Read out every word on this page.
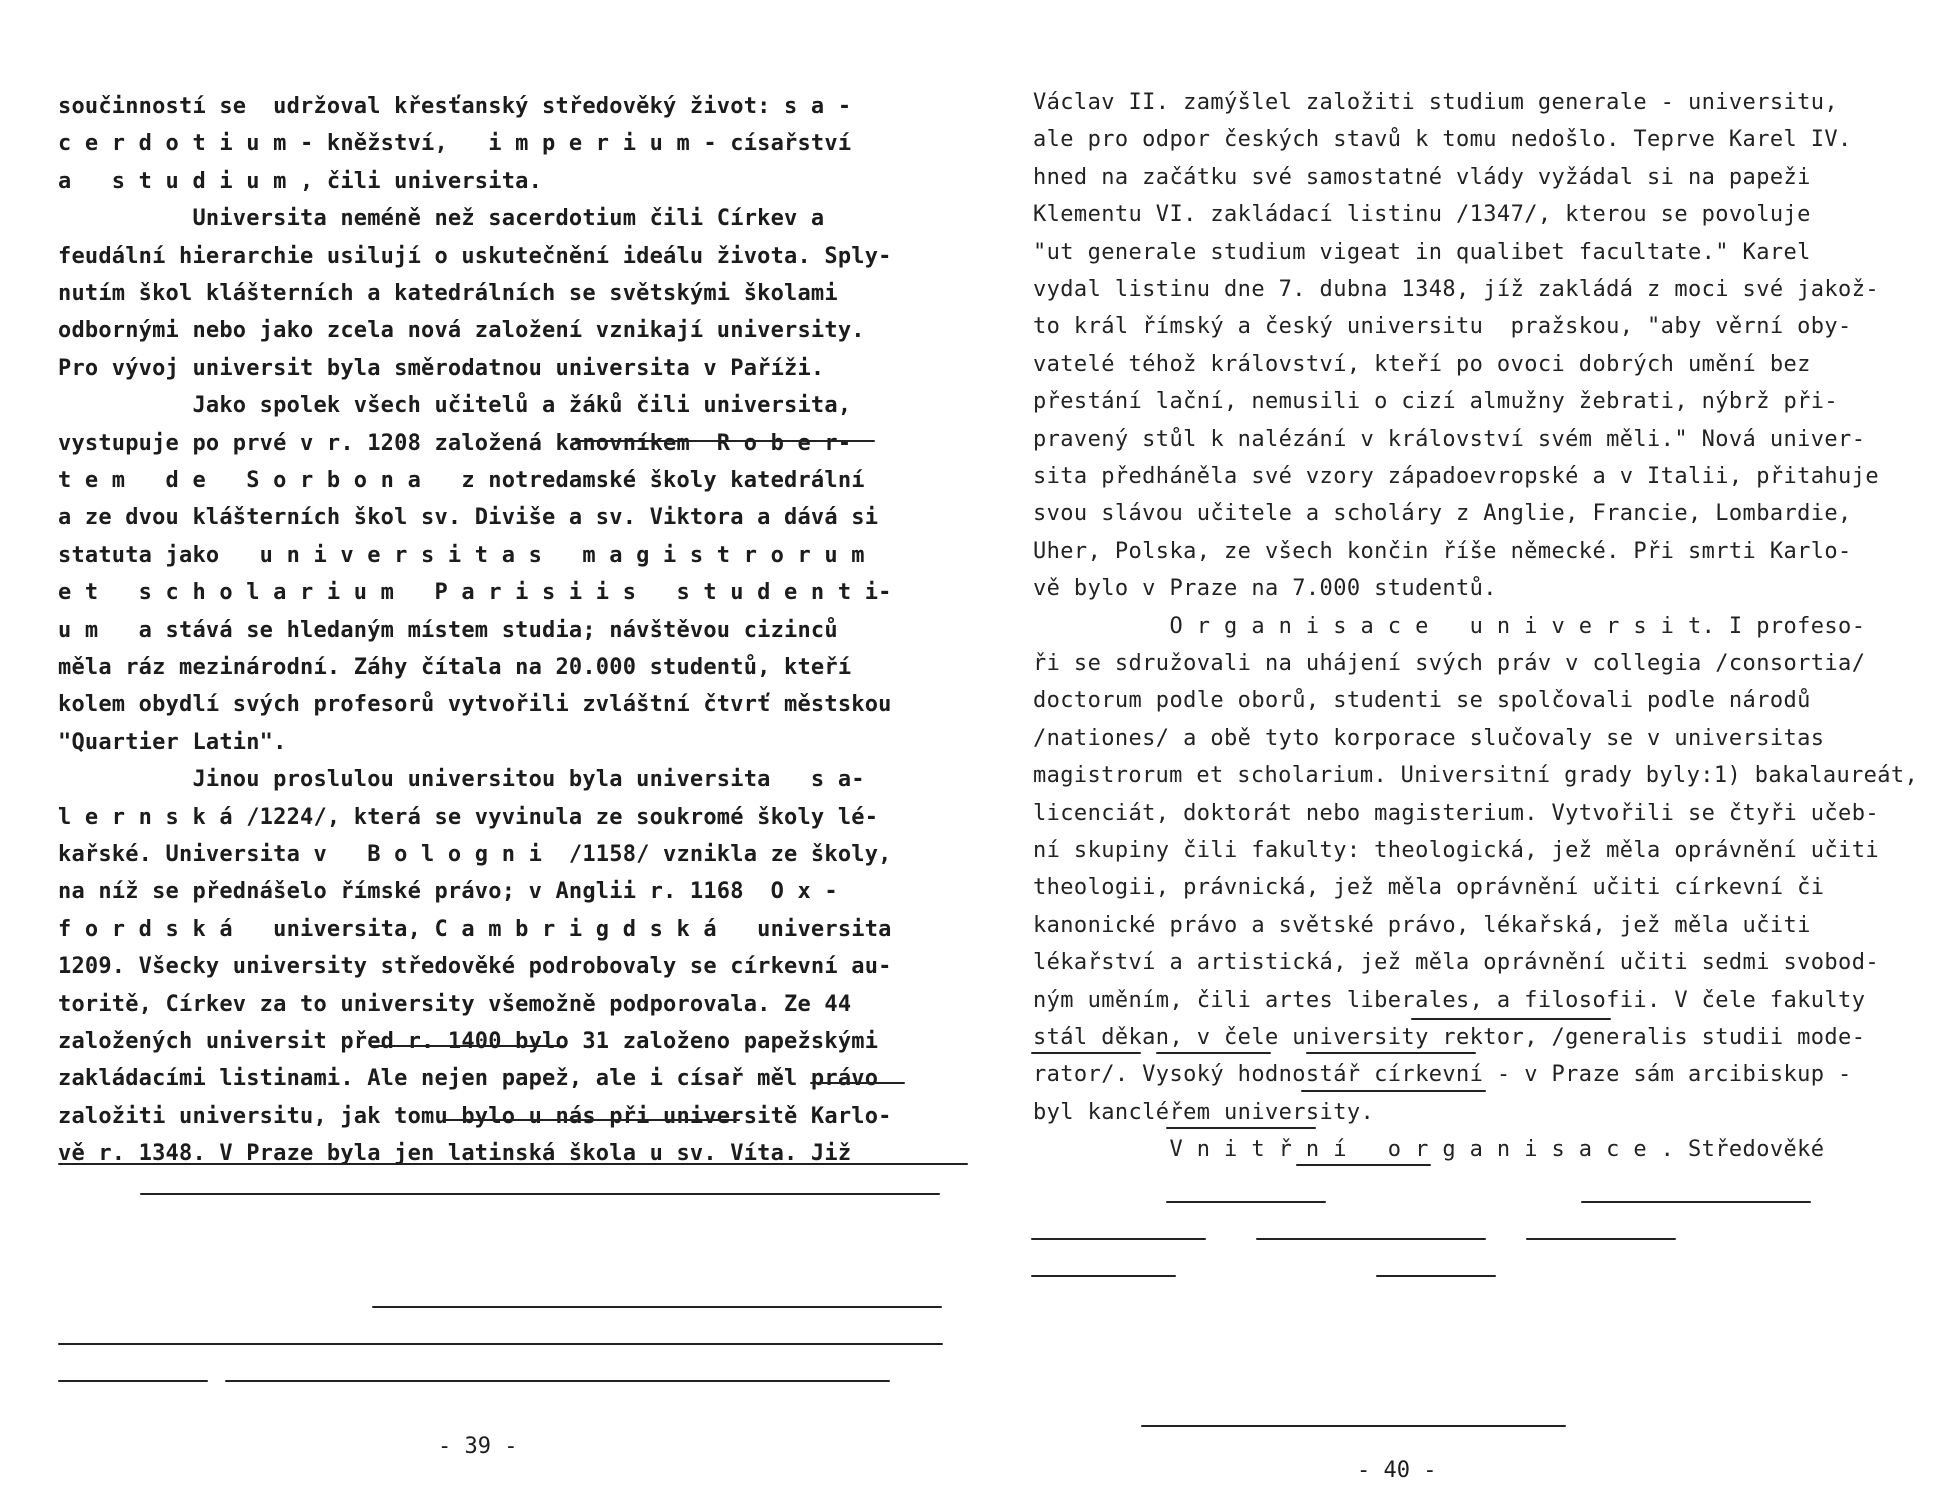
součinností se  udržoval křesťanský středověký život: s a -
c e r d o t i u m - kněžství,   i m p e r i u m - císařství
a   s t u d i u m , čili universita.
Universita neméně než sacerdotium čili Církev a
feudální hierarchie usilují o uskutečnění ideálu života. Sply-
nutím škol klášterních a katedrálních se světskými školami
odbornými nebo jako zcela nová založení vznikají university.
Pro vývoj universit byla směrodatnou universita v Paříži.
Jako spolek všech učitelů a žáků čili universita,
vystupuje po prvé v r. 1208 založená kanovníkem  R o b e r-
t e m   d e   S o r b o n a   z notredamské školy katedrální
a ze dvou klášterních škol sv. Diviše a sv. Viktora a dává si
statuta jako   u n i v e r s i t a s   m a g i s t r o r u m
e t   s c h o l a r i u m   P a r i s i i s   s t u d e n t i-
u m   a stává se hledaným místem studia; návštěvou cizinců
měla ráz mezinárodní. Záhy čítala na 20.000 studentů, kteří
kolem obydlí svých profesorů vytvořili zvláštní čtvrť městskou
"Quartier Latin".
Jinou proslulou universitou byla universita   s a-
l e r n s k á /1224/, která se vyvinula ze soukromé školy lé-
kařské. Universita v   B o l o g n i  /1158/ vznikla ze školy,
na níž se přednášelo římské právo; v Anglii r. 1168  O x -
f o r d s k á   universita, C a m b r i g d s k á   universita
1209. Všecky university středověké podrobovaly se církevní au-
toritě, Církev za to university všemožně podporovala. Ze 44
založených universit před r. 1400 bylo 31 založeno papežskými
zakládacími listinami. Ale nejen papež, ale i císař měl právo
založiti universitu, jak tomu bylo u nás při universitě Karlo-
vě r. 1348. V Praze byla jen latinská škola u sv. Víta. Již
- 39 -
Václav II. zamýšlel založiti studium generale - universitu,
ale pro odpor českých stavů k tomu nedošlo. Teprve Karel IV.
hned na začátku své samostatné vlády vyžádal si na papeži
Klementu VI. zakládací listinu /1347/, kterou se povoluje
"ut generale studium vigeat in qualibet facultate." Karel
vydal listinu dne 7. dubna 1348, jíž zakládá z moci své jakož-
to král římský a český universitu  pražskou, "aby věrní oby-
vatelé téhož království, kteří po ovoci dobrých umění bez
přestání lační, nemusili o cizí almužny žebrati, nýbrž při-
pravený stůl k nalézání v království svém měli." Nová univer-
sita předháněla své vzory západoevropské a v Italii, přitahuje
svou slávou učitele a scholáry z Anglie, Francie, Lombardie,
Uher, Polska, ze všech končin říše německé. Při smrti Karlo-
vě bylo v Praze na 7.000 studentů.
O r g a n i s a c e   u n i v e r s i t. I profeso-
ři se sdružovali na uhájení svých práv v collegia /consortia/
doctorum podle oborů, studenti se spolčovali podle národů
/nationes/ a obě tyto korporace slučovaly se v universitas
magistrorum et scholarium. Universitní grady byly:1) bakalaureát,
licenciát, doktorát nebo magisterium. Vytvořili se čtyři učeb-
ní skupiny čili fakulty: theologická, jež měla oprávnění učiti
theologii, právnická, jež měla oprávnění učiti církevní či
kanonické právo a světské právo, lékařská, jež měla učiti
lékařství a artistická, jež měla oprávnění učiti sedmi svobod-
ným uměním, čili artes liberales, a filosofii. V čele fakulty
stál děkan, v čele university rektor, /generalis studii mode-
rator/. Vysoký hodnostář církevní - v Praze sám arcibiskup -
byl kancléřem university.
V n i t ř n í   o r g a n i s a c e . Středověké
- 40 -
